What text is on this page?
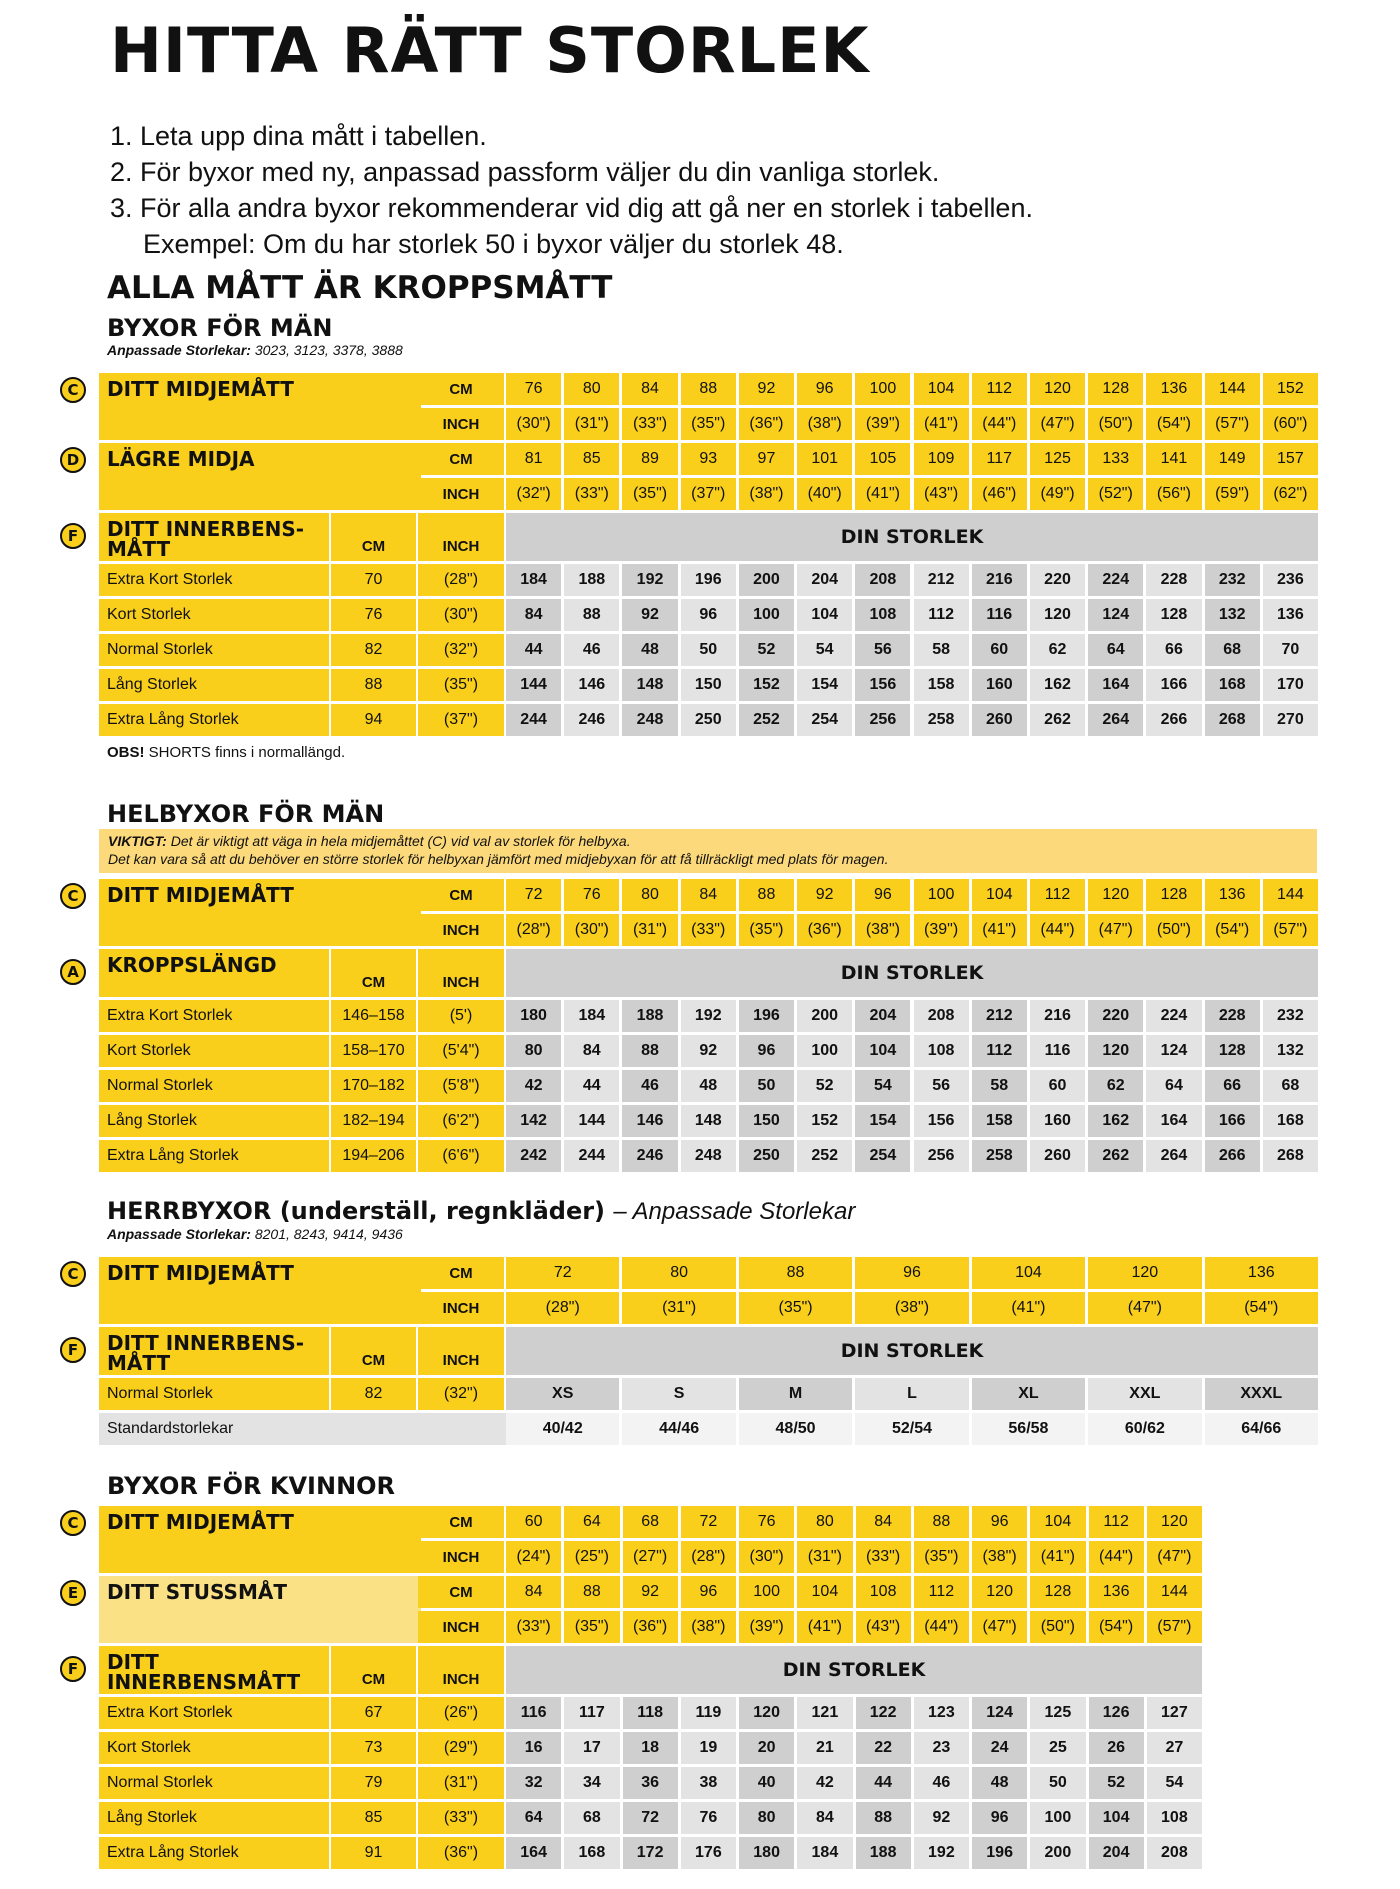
HITTA RÄTT STORLEK
1. Leta upp dina mått i tabellen.
2. För byxor med ny, anpassad passform väljer du din vanliga storlek.
3. För alla andra byxor rekommenderar vid dig att gå ner en storlek i tabellen.
Exempel: Om du har storlek 50 i byxor väljer du storlek 48.
ALLA MÅTT ÄR KROPPSMÅTT
BYXOR FÖR MÄN
Anpassade Storlekar: 3023, 3123, 3378, 3888
OBS! SHORTS finns i normallängd.
HELBYXOR FÖR MÄN
VIKTIGT: Det är viktigt att väga in hela midjemåttet (C) vid val av storlek för helbyxa.
Det kan vara så att du behöver en större storlek för helbyxan jämfört med midjebyxan för att få tillräckligt med plats för magen.
HERRBYXOR (underställ, regnkläder) – Anpassade Storlekar
Anpassade Storlekar: 8201, 8243, 9414, 9436
BYXOR FÖR KVINNOR
DITT MIDJEMÅTT
C	CM
INCH
76	80	84	88	92	96	100	104	112	120	128	136	144	152
(30")	(31")	(33")	(35")	(36")	(38")	(39")	(41")	(44")	(47")	(50")	(54")	(57")	(60")
LÄGRE MIDJA
D	CM
INCH
81	85	89	93	97	101	105	109	117	125	133	141	149	157
(32")	(33")	(35")	(37")	(38")	(40")	(41")	(43")	(46")	(49")	(52")	(56")	(59")	(62")
DITT INNERBENS-MÅTT
F
CM	INCH	DIN STORLEK
Extra Kort Storlek	70	(28")	184	188	192	196	200	204	208	212	216	220	224	228	232	236
Kort Storlek	76	(30")	84	88	92	96	100	104	108	112	116	120	124	128	132	136
Normal Storlek	82	(32")	44	46	48	50	52	54	56	58	60	62	64	66	68	70
Lång Storlek	88	(35")	144	146	148	150	152	154	156	158	160	162	164	166	168	170
Extra Lång Storlek	94	(37")	244	246	248	250	252	254	256	258	260	262	264	266	268	270
DITT MIDJEMÅTT
C	CM
INCH
72	76	80	84	88	92	96	100	104	112	120	128	136	144
(28")	(30")	(31")	(33")	(35")	(36")	(38")	(39")	(41")	(44")	(47")	(50")	(54")	(57")
KROPPSLÄNGD
A
CM	INCH	DIN STORLEK
Extra Kort Storlek	146–158	(5')	180	184	188	192	196	200	204	208	212	216	220	224	228	232
Kort Storlek	158–170	(5'4")	80	84	88	92	96	100	104	108	112	116	120	124	128	132
Normal Storlek	170–182	(5'8")	42	44	46	48	50	52	54	56	58	60	62	64	66	68
Lång Storlek	182–194	(6'2")	142	144	146	148	150	152	154	156	158	160	162	164	166	168
Extra Lång Storlek	194–206	(6'6")	242	244	246	248	250	252	254	256	258	260	262	264	266	268
DITT MIDJEMÅTT
C	CM
INCH
72	80	88	96	104	120	136
(28")	(31")	(35")	(38")	(41")	(47")	(54")
DITT INNERBENS-MÅTT
F
CM	INCH	DIN STORLEK
Normal Storlek	82	(32")	XS	S	M	L	XL	XXL	XXXL
Standardstorlekar	40/42	44/46	48/50	52/54	56/58	60/62	64/66
DITT MIDJEMÅTT
C	CM
INCH
60	64	68	72	76	80	84	88	96	104	112	120
(24")	(25")	(27")	(28")	(30")	(31")	(33")	(35")	(38")	(41")	(44")	(47")
DITT STUSSMÅT
E	CM
INCH
84	88	92	96	100	104	108	112	120	128	136	144
(33")	(35")	(36")	(38")	(39")	(41")	(43")	(44")	(47")	(50")	(54")	(57")
DITT INNERBENSMÅTT
F
CM	INCH	DIN STORLEK
Extra Kort Storlek	67	(26")	116	117	118	119	120	121	122	123	124	125	126	127
Kort Storlek	73	(29")	16	17	18	19	20	21	22	23	24	25	26	27
Normal Storlek	79	(31")	32	34	36	38	40	42	44	46	48	50	52	54
Lång Storlek	85	(33")	64	68	72	76	80	84	88	92	96	100	104	108
Extra Lång Storlek	91	(36")	164	168	172	176	180	184	188	192	196	200	204	208
